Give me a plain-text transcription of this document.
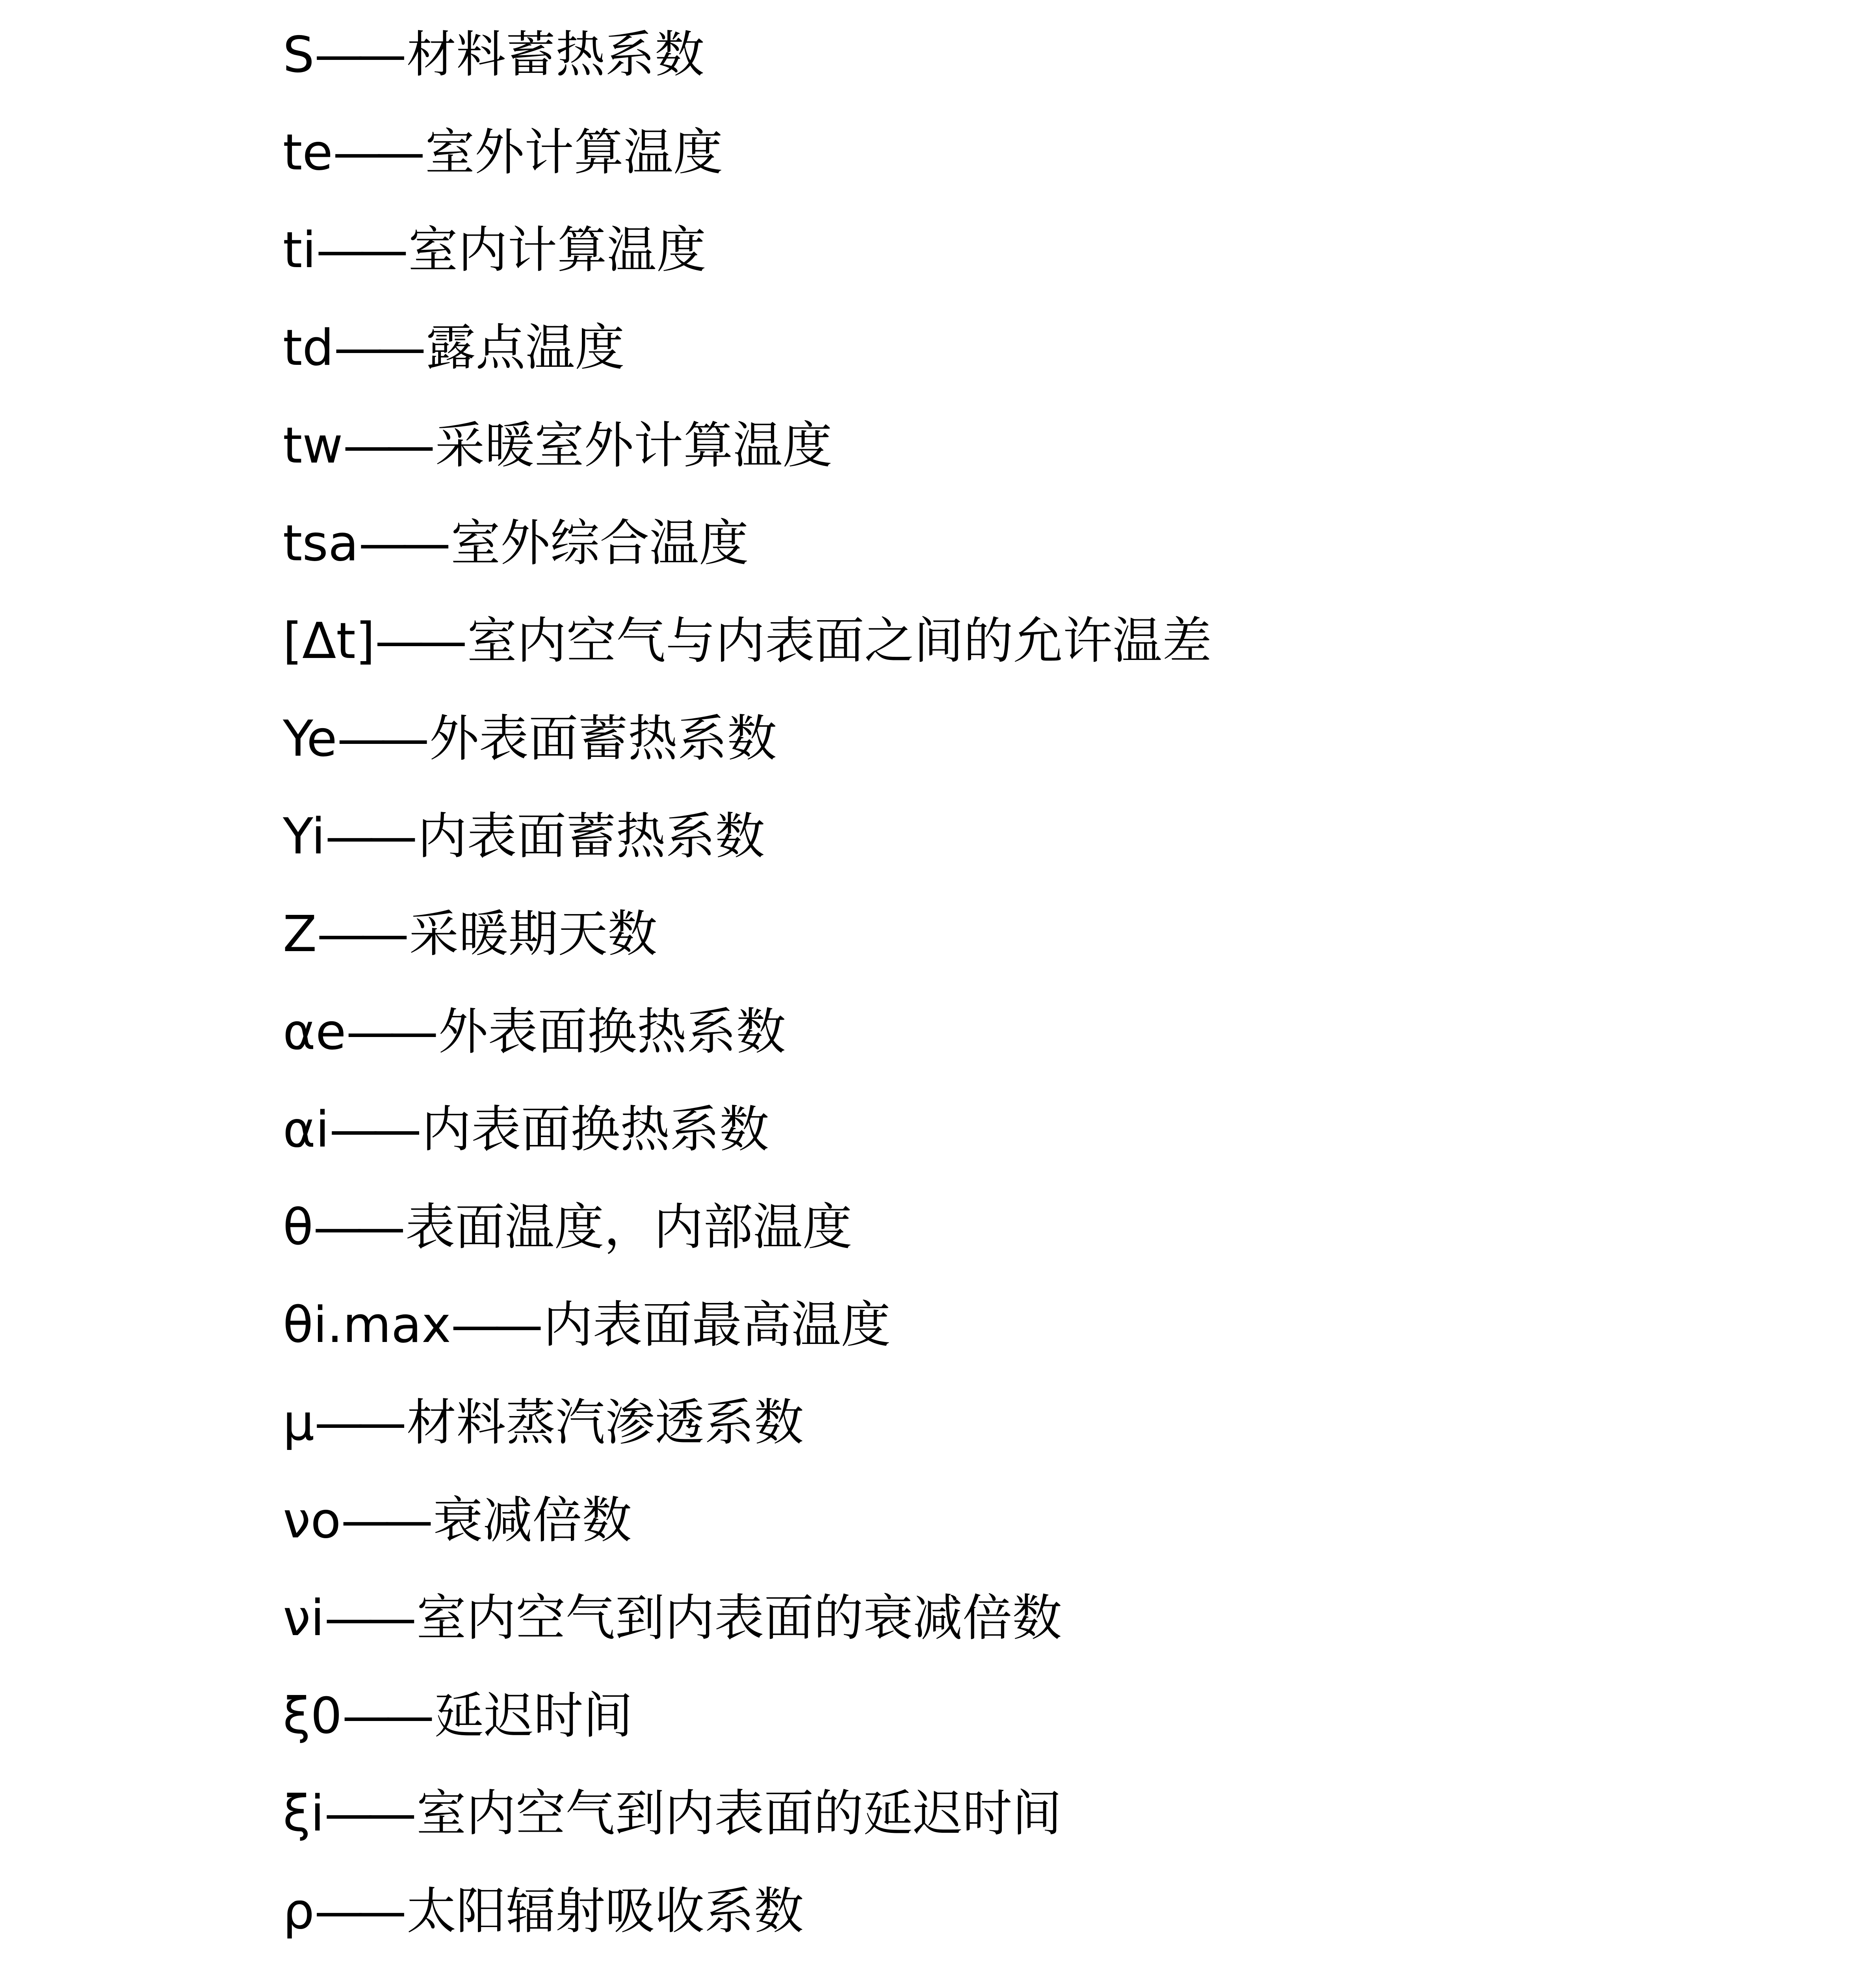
S—— 材料蓄热系数
te—— 室外计算温度
ti—— 室内计算温度
td—— 露点温度
tw—— 采暖室外计算温度
tsa—— 室外综合温度
[Δt]—— 室内空气与内表面之间的允许温差
Ye—— 外表面蓄热系数
Yi—— 内表面蓄热系数
Z—— 采暖期天数
αe—— 外表面换热系数
αi—— 内表面换热系数
θ—— 表面温度，内部温度
θi.max—— 内表面最高温度
μ—— 材料蒸汽渗透系数
νo—— 衰减倍数
νi—— 室内空气到内表面的衰减倍数
ξ0—— 延迟时间
ξi—— 室内空气到内表面的延迟时间
ρ—— 太阳辐射吸收系数
